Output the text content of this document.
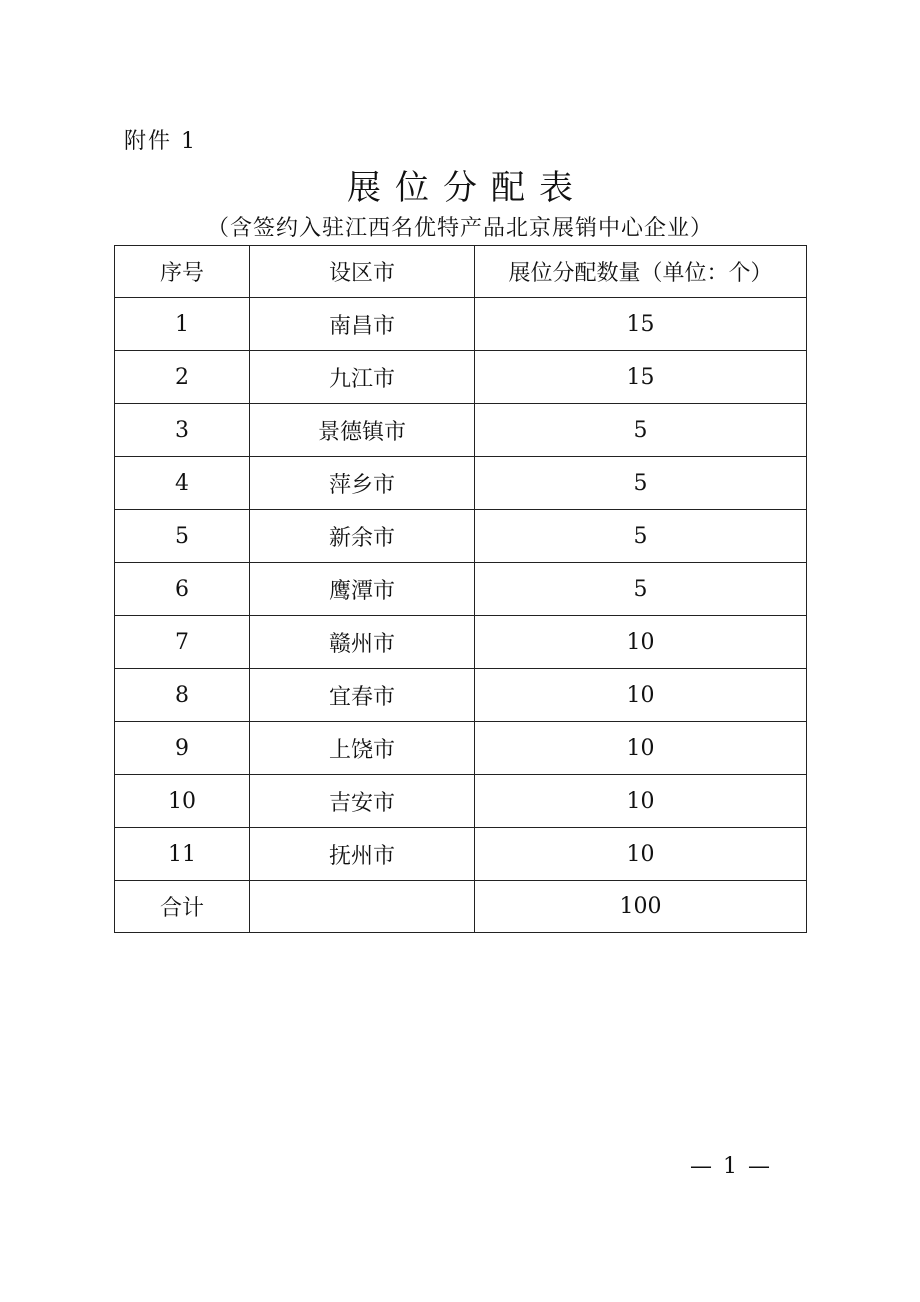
附件 1
展位分配表
（含签约入驻江西名优特产品北京展销中心企业）
序号	设区市	展位分配数量（单位：个）
1	南昌市	15
2	九江市	15
3	景德镇市	5
4	萍乡市	5
5	新余市	5
6	鹰潭市	5
7	赣州市	10
8	宜春市	10
9	上饶市	10
10	吉安市	10
11	抚州市	10
合计		100
— 1 —
